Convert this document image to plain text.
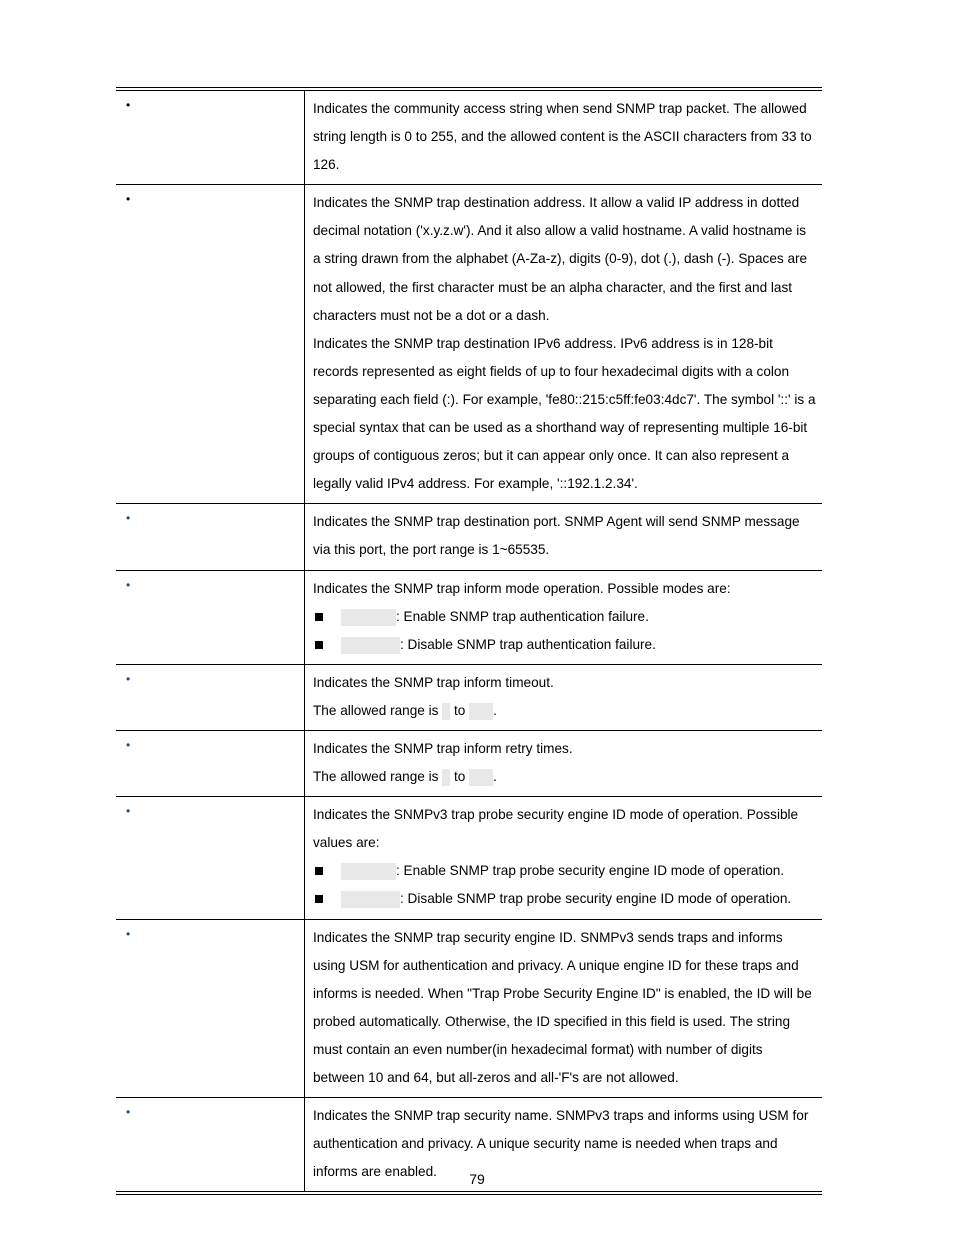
•	Indicates the community access string when send SNMP trap packet. The allowed string length is 0 to 255, and the allowed content is the ASCII characters from 33 to 126.
•	Indicates the SNMP trap destination address. It allow a valid IP address in dotted decimal notation ('x.y.z.w'). And it also allow a valid hostname. A valid hostname is a string drawn from the alphabet (A-Za-z), digits (0-9), dot (.), dash (-). Spaces are not allowed, the first character must be an alpha character, and the first and last characters must not be a dot or a dash.
Indicates the SNMP trap destination IPv6 address. IPv6 address is in 128-bit records represented as eight fields of up to four hexadecimal digits with a colon separating each field (:). For example, 'fe80::215:c5ff:fe03:4dc7'. The symbol '::' is a special syntax that can be used as a shorthand way of representing multiple 16-bit groups of contiguous zeros; but it can appear only once. It can also represent a legally valid IPv4 address. For example, '::192.1.2.34'.
•	Indicates the SNMP trap destination port. SNMP Agent will send SNMP message via this port, the port range is 1~65535.
•	Indicates the SNMP trap inform mode operation. Possible modes are:
: Enable SNMP trap authentication failure.
: Disable SNMP trap authentication failure.
•	Indicates the SNMP trap inform timeout.
The allowed range is to .
•	Indicates the SNMP trap inform retry times.
The allowed range is to .
•	Indicates the SNMPv3 trap probe security engine ID mode of operation. Possible values are:
: Enable SNMP trap probe security engine ID mode of operation.
: Disable SNMP trap probe security engine ID mode of operation.
•	Indicates the SNMP trap security engine ID. SNMPv3 sends traps and informs using USM for authentication and privacy. A unique engine ID for these traps and informs is needed. When "Trap Probe Security Engine ID" is enabled, the ID will be probed automatically. Otherwise, the ID specified in this field is used. The string must contain an even number(in hexadecimal format) with number of digits between 10 and 64, but all-zeros and all-'F's are not allowed.
•	Indicates the SNMP trap security name. SNMPv3 traps and informs using USM for authentication and privacy. A unique security name is needed when traps and informs are enabled.	79
